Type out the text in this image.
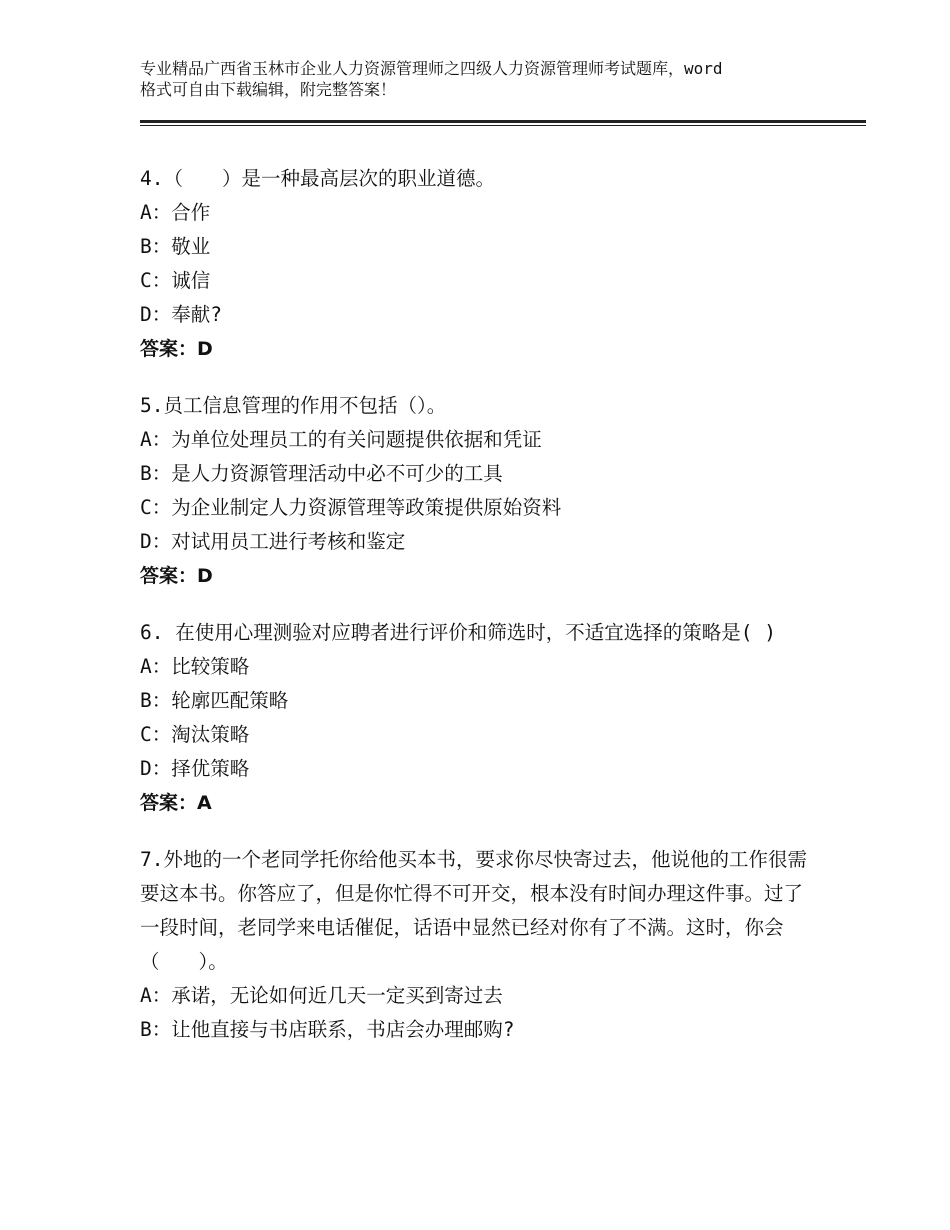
专业精品广西省玉林市企业人力资源管理师之四级人力资源管理师考试题库，word
格式可自由下载编辑，附完整答案！
4.（　　）是一种最高层次的职业道德。
A：合作
B：敬业
C：诚信
D：奉献?
答案：D
5.员工信息管理的作用不包括（）。
A：为单位处理员工的有关问题提供依据和凭证
B：是人力资源管理活动中必不可少的工具
C：为企业制定人力资源管理等政策提供原始资料
D：对试用员工进行考核和鉴定
答案：D
6. 在使用心理测验对应聘者进行评价和筛选时，不适宜选择的策略是( )
A：比较策略
B：轮廓匹配策略
C：淘汰策略
D：择优策略
答案：A
7.外地的一个老同学托你给他买本书，要求你尽快寄过去，他说他的工作很需要这本书。你答应了，但是你忙得不可开交，根本没有时间办理这件事。过了一段时间，老同学来电话催促，话语中显然已经对你有了不满。这时，你会（　　）。
A：承诺，无论如何近几天一定买到寄过去
B：让他直接与书店联系，书店会办理邮购?
